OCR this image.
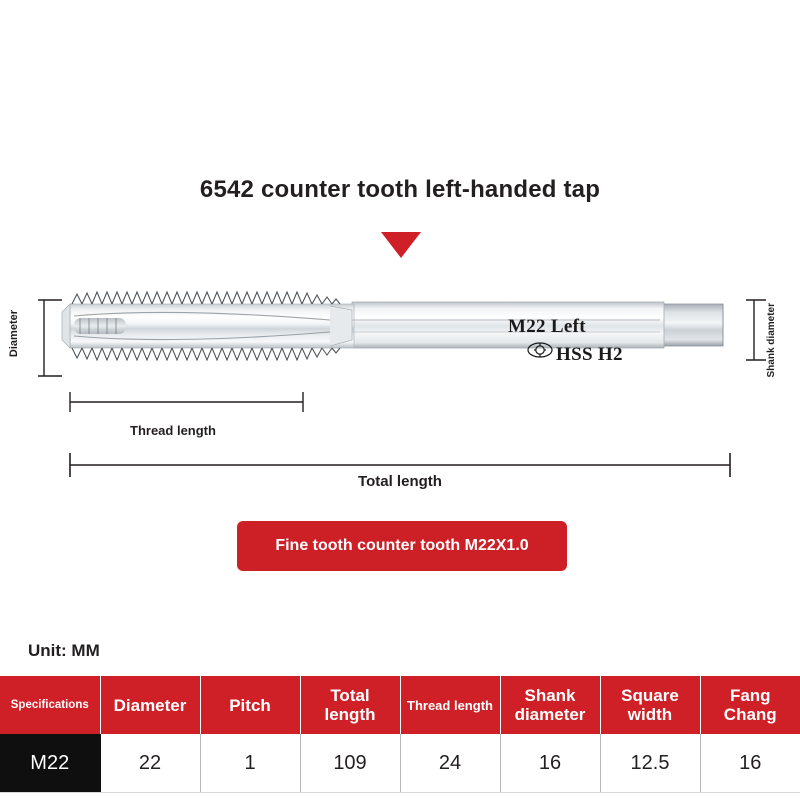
6542 counter tooth left-handed tap
M22 Left
HSS H2
Diameter	Shank diameter
Thread length
Total length
Fine tooth counter tooth M22X1.0
Unit: MM
Specifications	Diameter	Pitch	Total length	Thread length	Shank diameter	Square width	Fang Chang
M22	22	1	109	24	16	12.5	16
